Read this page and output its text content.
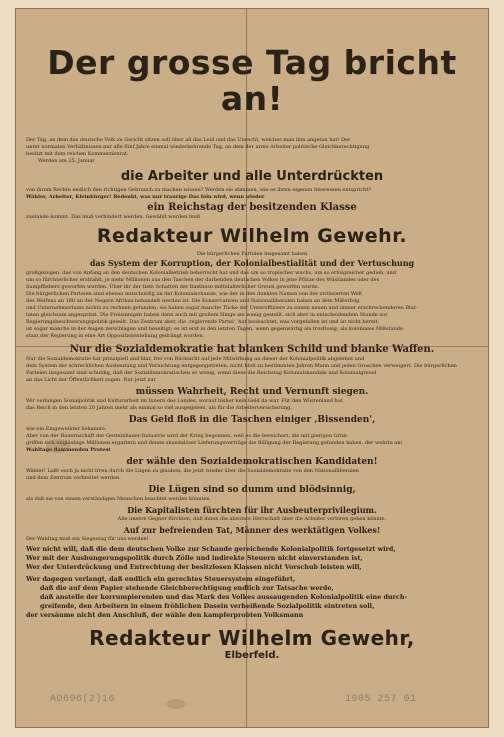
Der grosse Tag bricht an!

Der Tag, an dem das deutsche Volk zu Gericht sitzen soll über all das Leid und das Unrecht, welches man ihm angetan hat! Der

unter normalen Verhältnissen nur alle fünf Jahre einmal wiederkehrende Tag, an dem der arme Arbeiter politische Gleichberechtigung

besitzt mit dem reichen Kommerzienrat.

Werden am 25. Januar

die Arbeiter und alle Unterdrückten

von ihrem Rechte endlich den richtigen Gebrauch zu machen wissen? Werden sie stimmen, wie es ihren eigenen Interessen entspricht?

Wähler, Arbeiter, Kleinbürger! Bedenkt, was nur traurige Das fein wird, wenn wieder

ein Reichstag der besitzenden Klasse

zustande kommt. Das muß verhindert werden. Gewählt werden muß

Redakteur Wilhelm Gewehr.

Die bürgerlichen Parteien insgesamt haben

das System der Korruption, der Kolonialbestialität und der Vertuschung

großgezogen, das von Anfang an den deutschen Kolonialbetrieb beherrscht hat und das um so tropischer wuchs, um so erfolgreicher gedieh, und

um so fürchterlicher erstrahlt, je mehr Millionen aus den Taschen der darbenden deutschen Volkes in jene Pfütze des Wüstlandes oder des

Sumpffiebers geworfen wurden. Über ihr der tiefe Schatten der Basthose mittelalterlicher Greuel geworfen wurde.

Die bürgerlichen Parteien sind ebenso mitschuldig an der Kolonialschande, wie der in den dunklen Namen von der zivilisierten Welt

des Welfens an 160 an der Negern Afrikas behandelt werden ist. Die Konservativen und Nationalliberalen haben an dem Mißerfolg

und Unternehmertums nichts zu rechnen gefunden; sie haben sogar manche Tücke der Unteroffiziere zu einem neuen und immer erschreckenderen Blut-

taten gleichsam angespritzt. Die Freisinnigen haben denn auch mit großem Hinge am wenig gestellt, sich aber in entscheidendem Stunde zur

Regierungsbeschwerungspolitik gesellt. Das Zentrum aber, die ‚regierende Partei', hat beobachtet, was vorgefallen ist und ist nicht bereit,

ist sogar manche in der Augen zerschlagen und beseitigt; es ist erst in den letzten Tagen, wenn gegenwärtig als trostlosig, als koloniales Mißstands-

staat der Regierung in eine Art Oppositionsstellung gedrängt worden.

Nur die Sozialdemokratie hat blanken Schild und blanke Waffen.

Nur die Sozialdemokratie hat prinzipiell und klar, frei von Rücksicht auf jede Mitwirkung an dieser der Kolonialpolitik abgelehnt und

dem System der schrecklichen Ausbeutung und Vernichtung entgegengetreten; nicht bloß zu bestimmten Jahren Mann und jeden Groschen verweigert. Die bürgerlichen

Parteien insgesamt sind schuldig, daß der Sozialdemokratischen so wenig, wenn diese die Reichstag Kolonialskandale und Kolonialgreuel

an das Licht der Öffentlichkeit zogen. Nur jetzt zur

müssen Wahrheit, Recht und Vernunft siegen.

Wir verlangen Sozialpolitik und Kulturarbeit im Innern des Landes, worauf bisher kein Geld da war. Für den Wüstenland hat

das Reich in den letzten 20 Jahren mehr als einmal so viel ausgegeben, als für die Arbeiterversicherung.

Das Geld floß in die Taschen einiger ‚Bissenden',

wie ein Eingeweihter bekannte.

Aber von der Bauernschaft der Gesteinhauer-Industrie wird der Krieg begonnen, weil es die bereichert, die mit gierigen Grün-

griffen sich ungläubige Millionen ergattern und denen skandalöser Lieferungsverträge die Billigung der Regierung gefunden haben, der wehrte am

Wahltage flammenden Protest

der wähle den Sozialdemokratischen Kandidaten!

Wähler! Laßt euch ja nicht irren durch die Lügen zu glauben, die jetzt wieder über die Sozialdemokratie von den Nationalliberalen

und dem Zentrum verbreitet werden.

Die Lügen sind so dumm und blödsinnig,

als daß sie von einem verständigen Menschen beachtet werden könnten.

Die Kapitalisten fürchten für ihr Ausbeuterprivilegium.

Alle unsere Gegner fürchten, daß ihnen die absolute Herrschaft über die Arbeiter verloren gehen könnte.

Auf zur befreienden Tat, Männer des werktätigen Volkes!

Der Wahltag muß ein Siegestag für uns werden!

Wer nicht will, daß die dem deutschen Volke zur Schande gereichende Kolonialpolitik fortgesetzt wird,

Wer mit der Ausbungerungspolitik durch Zölle und indirekte Steuern nicht einverstanden ist,

Wer der Unterdrückung und Entrechtung der besitzlosen Klassen nicht Vorschub leisten will,

Wer dagegen verlangt, daß endlich ein gerechtes Steuersystem eingeführt,

daß die auf dem Papier stehende Gleichberechtigung endlich zur Tatsache werde,

daß anstelle der korrumpierenden und das Mark des Volkes aussaugenden Kolonialpolitik eine durch-

greifende, den Arbeitern in einem fröhlichen Dasein verheißende Sozialpolitik eintreten soll,

der versäume nicht den Anschluß, der wähle den kampferprobten Volksmann

Redakteur Wilhelm Gewehr,
Elberfeld.
AD696(2)16	1905 257 01
